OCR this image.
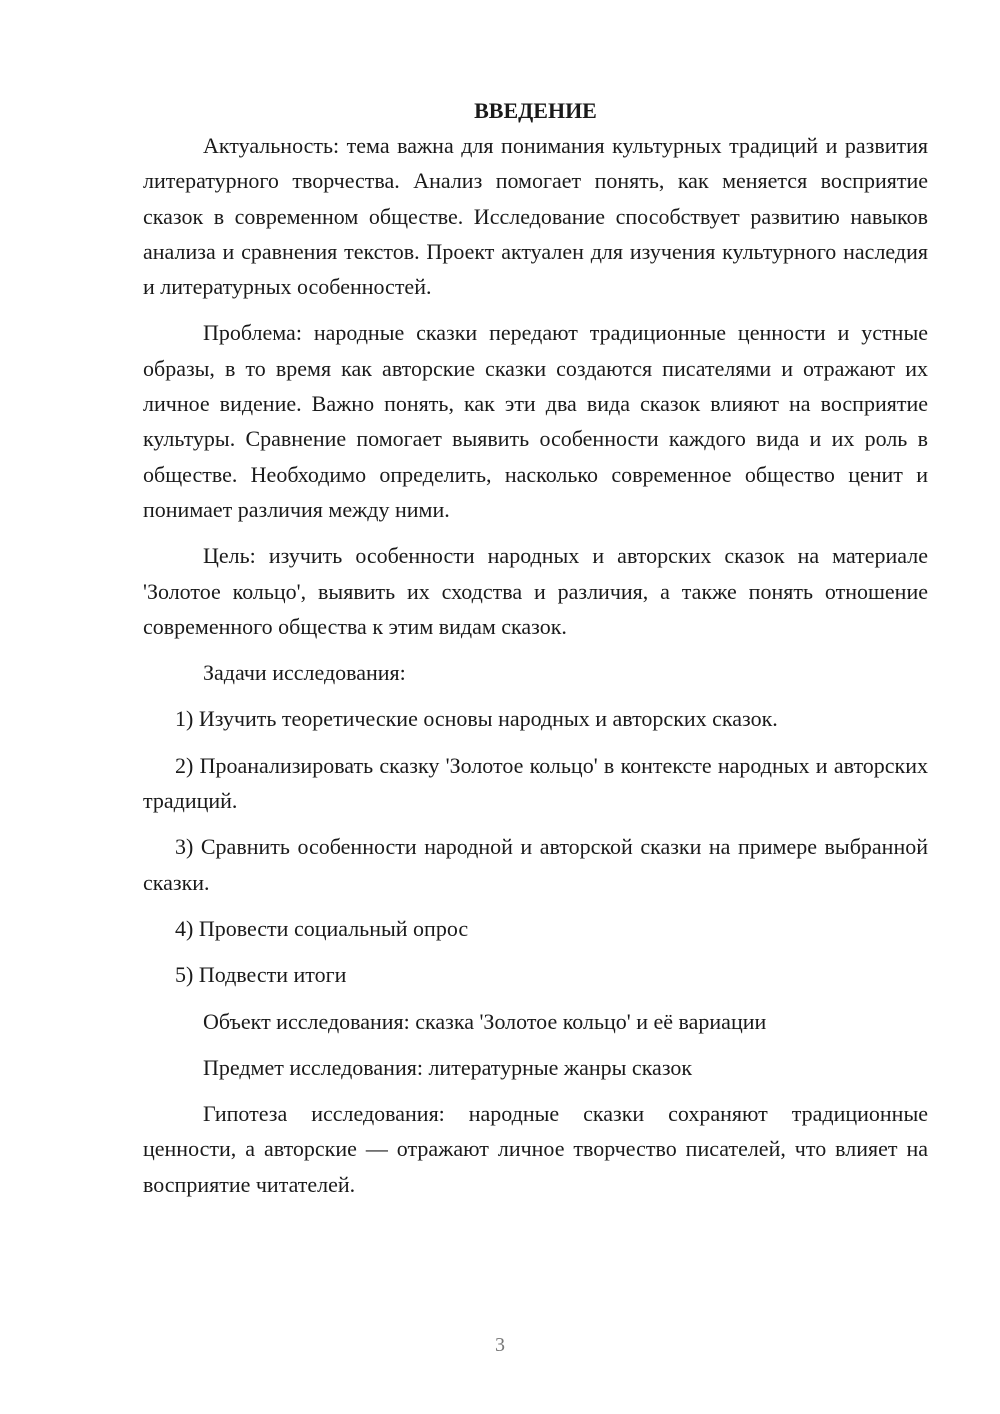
ВВЕДЕНИЕ

Актуальность: тема важна для понимания культурных традиций и развития литературного творчества. Анализ помогает понять, как меняется восприятие сказок в современном обществе. Исследование способствует развитию навыков анализа и сравнения текстов. Проект актуален для изучения культурного наследия и литературных особенностей.

Проблема: народные сказки передают традиционные ценности и устные образы, в то время как авторские сказки создаются писателями и отражают их личное видение. Важно понять, как эти два вида сказок влияют на восприятие культуры. Сравнение помогает выявить особенности каждого вида и их роль в обществе. Необходимо определить, насколько современное общество ценит и понимает различия между ними.

Цель: изучить особенности народных и авторских сказок на материале 'Золотое кольцо', выявить их сходства и различия, а также понять отношение современного общества к этим видам сказок.

Задачи исследования:

1) Изучить теоретические основы народных и авторских сказок.

2) Проанализировать сказку 'Золотое кольцо' в контексте народных и авторских традиций.

3) Сравнить особенности народной и авторской сказки на примере выбранной сказки.

4) Провести социальный опрос

5) Подвести итоги

Объект исследования: сказка 'Золотое кольцо' и её вариации

Предмет исследования: литературные жанры сказок

Гипотеза исследования: народные сказки сохраняют традиционные ценности, а авторские — отражают личное творчество писателей, что влияет на восприятие читателей.

3
